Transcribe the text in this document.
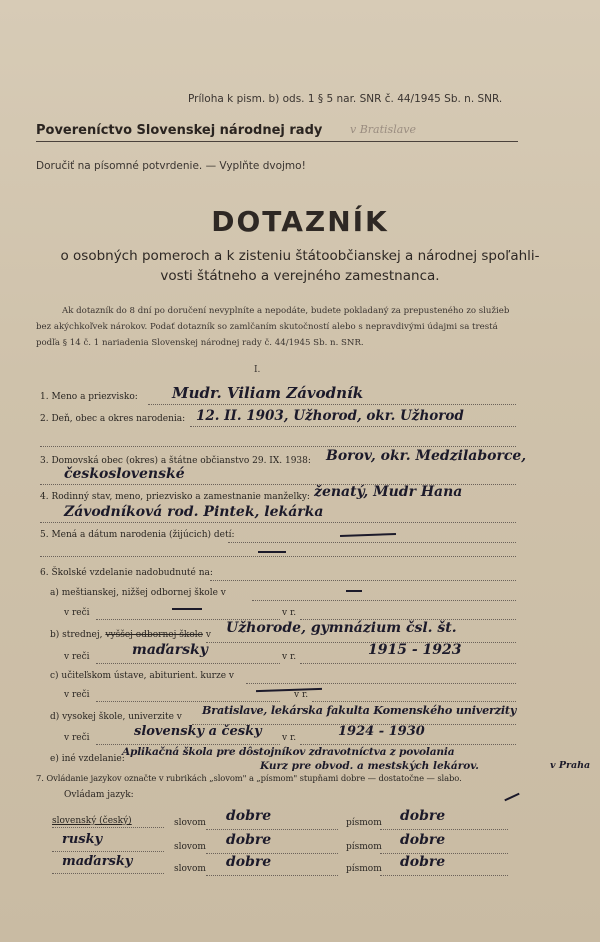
Príloha k pism. b) ods. 1 § 5 nar. SNR č. 44/1945 Sb. n. SNR.
Povereníctvo Slovenskej národnej rady	v Bratislave
Doručiť na písomné potvrdenie. — Vyplňte dvojmo!
DOTAZNÍK
o osobných pomeroch a k zisteniu štátoobčianskej a národnej spoľahli-
vosti štátneho a verejného zamestnanca.
Ak dotazník do 8 dní po doručení nevyplníte a nepodáte, budete pokladaný za prepusteného zo služieb
bez akýchkoľvek nárokov. Podať dotazník so zamlčaním skutočností alebo s nepravdivými údajmi sa trestá
podľa § 14 č. 1 nariadenia Slovenskej národnej rady č. 44/1945 Sb. n. SNR.
I.
1. Meno a priezvisko: Mudr. Viliam Závodník
2. Deň, obec a okres narodenia: 12. II. 1903, Užhorod, okr. Užhorod
3. Domovská obec (okres) a štátne občianstvo 29. IX. 1938: Borov, okr. Medzilaborce,
československé
4. Rodinný stav, meno, priezvisko a zamestnanie manželky: ženatý, Mudr Hana
Závodníková rod. Pintek, lekárka
5. Mená a dátum narodenia (žijúcich) detí:
6. Školské vzdelanie nadobudnuté na:
a) meštianskej, nižšej odbornej škole v
v reči	v r.
b) strednej, vyššej odbornej škole v Užhorode, gymnázium čsl. št.
v reči	maďarsky	v r.	1915 - 1923
c) učiteľskom ústave, abiturient. kurze v
v reči	v r.
d) vysokej škole, univerzite v Bratislave, lekárska fakulta Komenského univerzity
v reči	slovensky a česky v r.	1924 - 1930
e) iné vzdelanie:
Aplikačná škola pre dôstojníkov zdravotníctva z povolania
Kurz pre obvod. a mestských lekárov.	v Praha
7. Ovládanie jazykov označte v rubrikách „slovom" a „písmom" stupňami dobre — dostatočne — slabo.
Ovládam jazyk:
slovenský (český)	slovom dobre	písmom dobre
rusky	slovom dobre	písmom dobre
maďarsky	slovom dobre	písmom dobre
